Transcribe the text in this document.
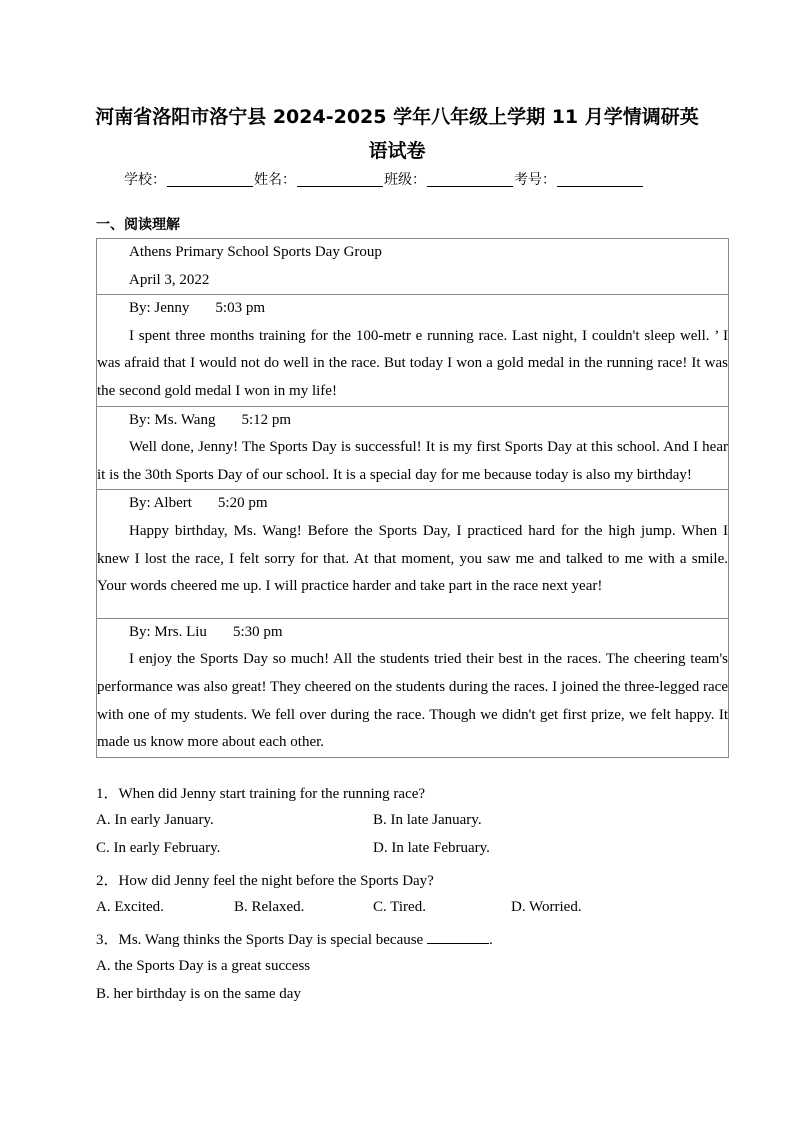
河南省洛阳市洛宁县 2024-2025 学年八年级上学期 11 月学情调研英
语试卷
学校：	姓名：	班级：	考号：
一、阅读理解

Athens Primary School Sports Day Group

April 3, 2022

By: Jenny 5:03 pm

I spent three months training for the 100-metr e running race. Last night, I couldn't sleep well. ’ I was afraid that I would not do well in the race. But today I won a gold medal in the running race! It was the second gold medal I won in my life!

By: Ms. Wang 5:12 pm

Well done, Jenny! The Sports Day is successful! It is my first Sports Day at this school. And I hear it is the 30th Sports Day of our school. It is a special day for me because today is also my birthday!

By: Albert 5:20 pm

Happy birthday, Ms. Wang! Before the Sports Day, I practiced hard for the high jump. When I knew I lost the race, I felt sorry for that. At that moment, you saw me and talked to me with a smile. Your words cheered me up. I will practice harder and take part in the race next year!

By: Mrs. Liu 5:30 pm

I enjoy the Sports Day so much! All the students tried their best in the races. The cheering team's performance was also great! They cheered on the students during the races. I joined the three-legged race with one of my students. We fell over during the race. Though we didn't get first prize, we felt happy. It made us know more about each other.

1．When did Jenny start training for the running race?
A. In early January.	B. In late January.
C. In early February.	D. In late February.
2．How did Jenny feel the night before the Sports Day?
A. Excited.	B. Relaxed.	C. Tired.	D. Worried.
3．Ms. Wang thinks the Sports Day is special because	.
A. the Sports Day is a great success
B. her birthday is on the same day
